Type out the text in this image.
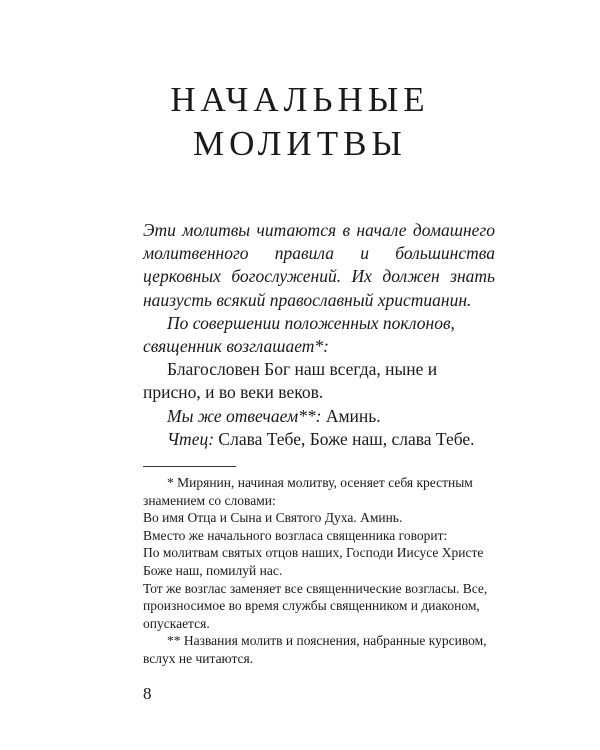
НАЧАЛЬНЫЕ
МОЛИТВЫ

Эти молитвы читаются в начале домашнего молитвенного правила и большинства церковных богослужений. Их должен знать наизусть всякий православный христианин.

По совершении положенных поклонов, священник возглашает*:

Благословен Бог наш всегда, ныне и присно, и во веки веков.

Мы же отвечаем**: Аминь.

Чтец: Слава Тебе, Боже наш, слава Тебе.

* Мирянин, начиная молитву, осеняет себя крестным знамением со словами:

Во имя Отца и Сына и Святого Духа. Аминь.

Вместо же начального возгласа священника говорит:

По молитвам святых отцов наших, Господи Иисусе Христе Боже наш, помилуй нас.

Тот же возглас заменяет все священнические возгласы. Все, произносимое во время службы священником и диаконом, опускается.

** Названия молитв и пояснения, набранные курсивом, вслух не читаются.

8
